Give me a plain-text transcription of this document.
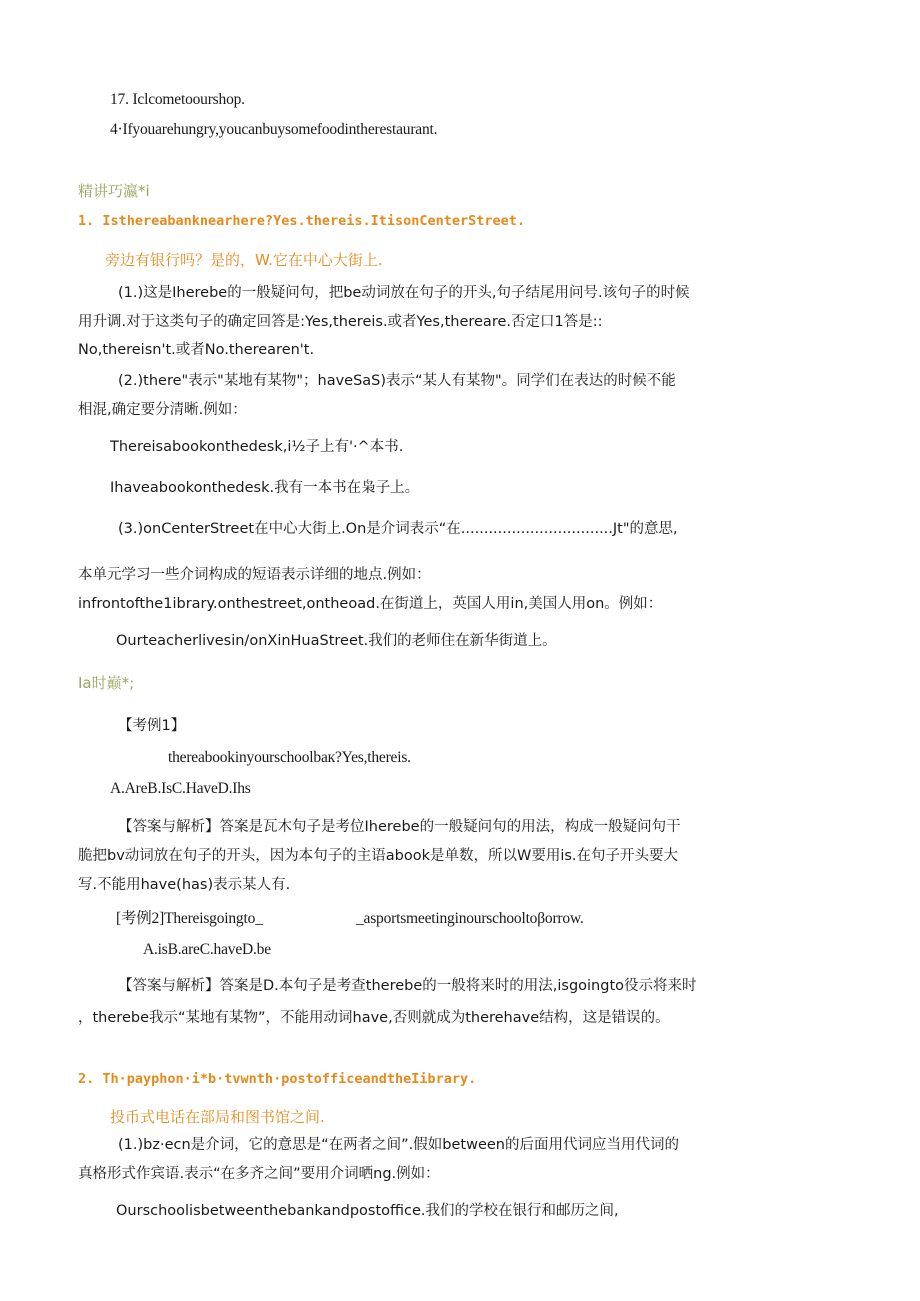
17. Iclcometoourshop.
4·Ifyouarehungry,youcanbuysomefoodintherestaurant.
精讲巧瀛*i
1. Isthereabanknearhere?Yes.thereis.ItisonCenterStreet.
旁边有银行吗？是的，W.它在中心大街上.
(1.)这是Iherebe的一般疑问句，把be动词放在句子的开头,句子结尾用问号.该句子的时候
用升调.对于这类句子的确定回答是:Yes,thereis.或者Yes,thereare.否定口1答是::
No,thereisn't.或者No.therearen't.
(2.)there"表示"某地有某物"；haveSaS)表示“某人有某物"。同学们在表达的时候不能
相混,确定要分清晰.例如：
Thereisabookonthedesk,i½子上有'·^本书.
Ihaveabookonthedesk.我有一本书在枭子上。
(3.)onCenterStreet在中心大街上.On是介词表示“在.................................Jt"的意思,
本单元学习一些介词构成的短语表示详细的地点.例如：
infrontofthe1ibrary.onthestreet,ontheoad.在街道上，英国人用in,美国人用on。例如：
Ourteacherlivesin/onXinHuaStreet.我们的老师住在新华街道上。
Ia时巅*;
【考例1】
thereabookinyourschoolbaк?Yes,thereis.
A.AreB.IsC.HaveD.Ihs
【答案与解析】答案是瓦木句子是考位Iherebe的一般疑问句的用法，构成一般疑问句干
脆把bv动词放在句子的开头，因为本句子的主语abook是单数，所以W要用is.在句子开头要大
写.不能用have(has)表示某人有.
[考例2]Thereisgoingto_	_asportsmeetinginourschooltoβorrow.
A.isB.areC.haveD.be
【答案与解析】答案是D.本句子是考查therebe的一般将来时的用法,isgoingto役示将来时
，therebe我示“某地有某物”，不能用动词have,否则就成为therehave结构，这是错误的。
2. Th·payphon·i*b·tvwnth·postofficeandtheIibrary.
投币式电话在部局和图书馆之间.
(1.)bz·ecn是介词，它的意思是“在两者之间”.假如between的后面用代词应当用代词的
真格形式作宾语.表示“在多齐之间”要用介词晒ng.例如：
Ourschoolisbetweenthebankandpostoffice.我们的学校在银行和邮历之间,
